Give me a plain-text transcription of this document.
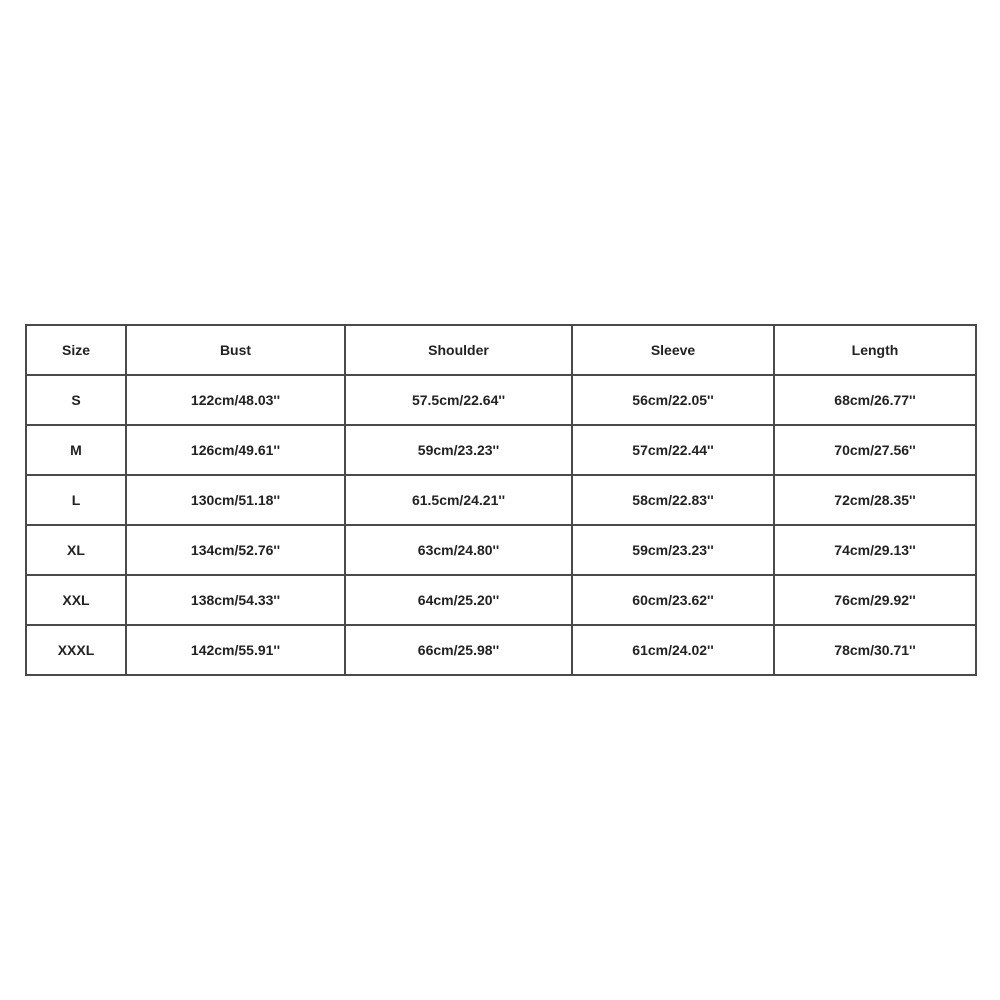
Size	Bust	Shoulder	Sleeve	Length
S	122cm/48.03''	57.5cm/22.64''	56cm/22.05''	68cm/26.77''
M	126cm/49.61''	59cm/23.23''	57cm/22.44''	70cm/27.56''
L	130cm/51.18''	61.5cm/24.21''	58cm/22.83''	72cm/28.35''
XL	134cm/52.76''	63cm/24.80''	59cm/23.23''	74cm/29.13''
XXL	138cm/54.33''	64cm/25.20''	60cm/23.62''	76cm/29.92''
XXXL	142cm/55.91''	66cm/25.98''	61cm/24.02''	78cm/30.71''
